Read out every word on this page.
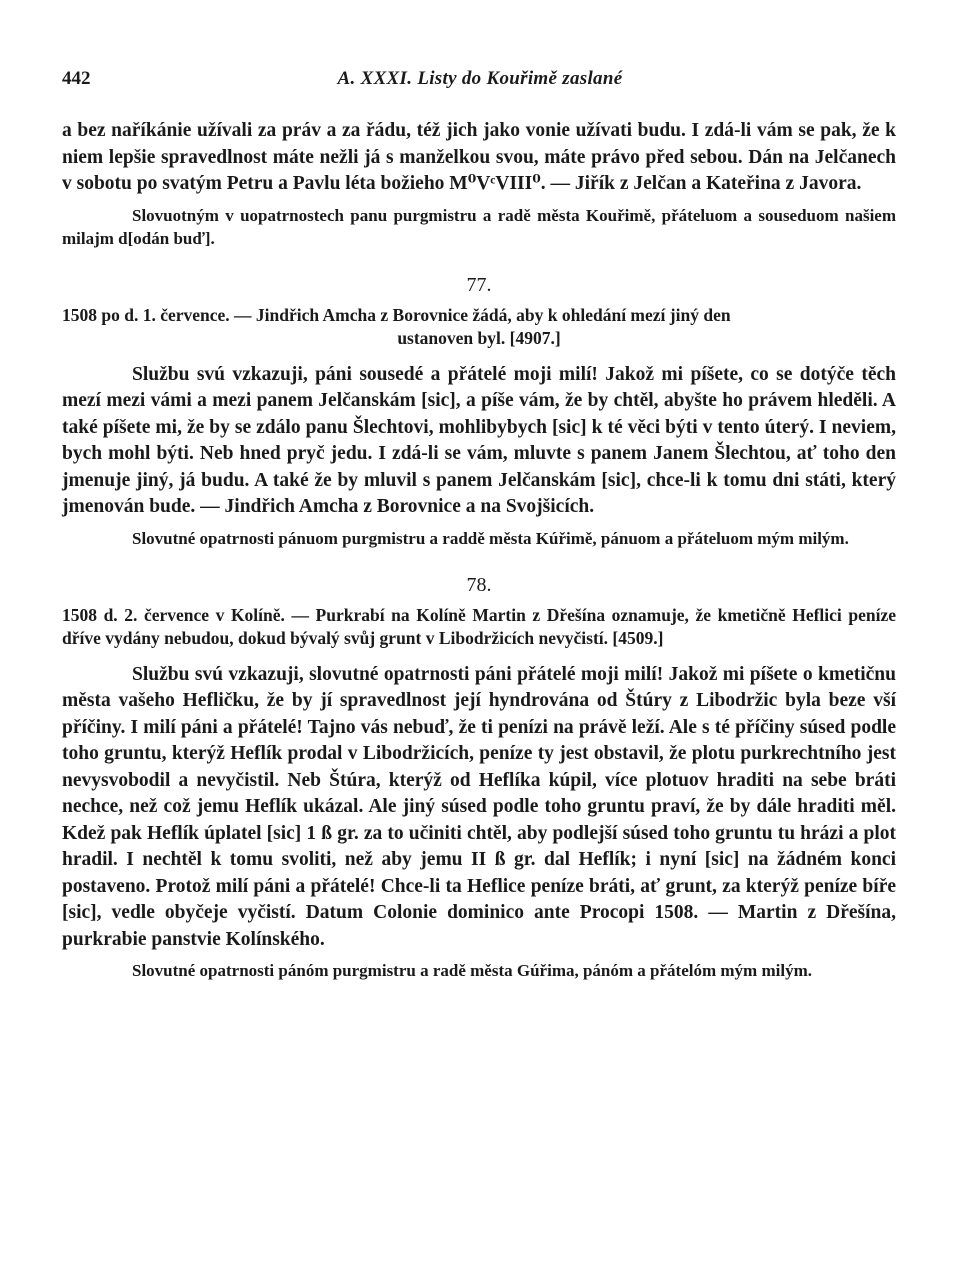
442	A. XXXI. Listy do Kouřimě zaslané

a bez naříkánie užívali za práv a za řádu, též jich jako vonie užívati budu. I zdá-li vám se pak, že k niem lepšie spravedlnost máte nežli já s manželkou svou, máte právo před sebou. Dán na Jelčanech v sobotu po svatým Petru a Pavlu léta božieho M⁰VᶜVIII⁰. — Jiřík z Jelčan a Kateřina z Javora.

Slovuotným v uopatrnostech panu purgmistru a radě města Kouřimě, přáteluom a souseduom našiem milajm d[odán buď].

77.
1508 po d. 1. července. — Jindřich Amcha z Borovnice žádá, aby k ohledání mezí jiný den
ustanoven byl. [4907.]

Službu svú vzkazuji, páni sousedé a přátelé moji milí! Jakož mi píšete, co se dotýče těch mezí mezi vámi a mezi panem Jelčanskám [sic], a píše vám, že by chtěl, abyšte ho právem hleděli. A také píšete mi, že by se zdálo panu Šlechtovi, mohlibybych [sic] k té věci býti v tento úterý. I neviem, bych mohl býti. Neb hned pryč jedu. I zdá-li se vám, mluvte s panem Janem Šlechtou, ať toho den jmenuje jiný, já budu. A také že by mluvil s panem Jelčanskám [sic], chce-li k tomu dni státi, který jmenován bude. — Jindřich Amcha z Borovnice a na Svojšicích.

Slovutné opatrnosti pánuom purgmistru a raddě města Kúřimě, pánuom a přáteluom mým milým.

78.

1508 d. 2. července v Kolíně. — Purkrabí na Kolíně Martin z Dřešína oznamuje, že kmetičně Heflici peníze dříve vydány nebudou, dokud bývalý svůj grunt v Libodržicích nevyčistí. [4509.]

Službu svú vzkazuji, slovutné opatrnosti páni přátelé moji milí! Jakož mi píšete o kmetičnu města vašeho Hefličku, že by jí spravedlnost její hyndrována od Štúry z Libodržic byla beze vší příčiny. I milí páni a přátelé! Tajno vás nebuď, že ti penízi na právě leží. Ale s té příčiny súsed podle toho gruntu, kterýž Heflík prodal v Libodržicích, peníze ty jest obstavil, že plotu purkrechtního jest nevysvobodil a nevyčistil. Neb Štúra, kterýž od Heflíka kúpil, více plotuov hraditi na sebe bráti nechce, než což jemu Heflík ukázal. Ale jiný súsed podle toho gruntu praví, že by dále hraditi měl. Kdež pak Heflík úplatel [sic] 1 ß gr. za to učiniti chtěl, aby podlejší súsed toho gruntu tu hrázi a plot hradil. I nechtěl k tomu svoliti, než aby jemu II ß gr. dal Heflík; i nyní [sic] na žádném konci postaveno. Protož milí páni a přátelé! Chce-li ta Heflice peníze bráti, ať grunt, za kterýž peníze bíře [sic], vedle obyčeje vyčistí. Datum Colonie dominico ante Procopi 1508. — Martin z Dřešína, purkrabie panstvie Kolínského.

Slovutné opatrnosti pánóm purgmistru a radě města Gúřima, pánóm a přátelóm mým milým.
